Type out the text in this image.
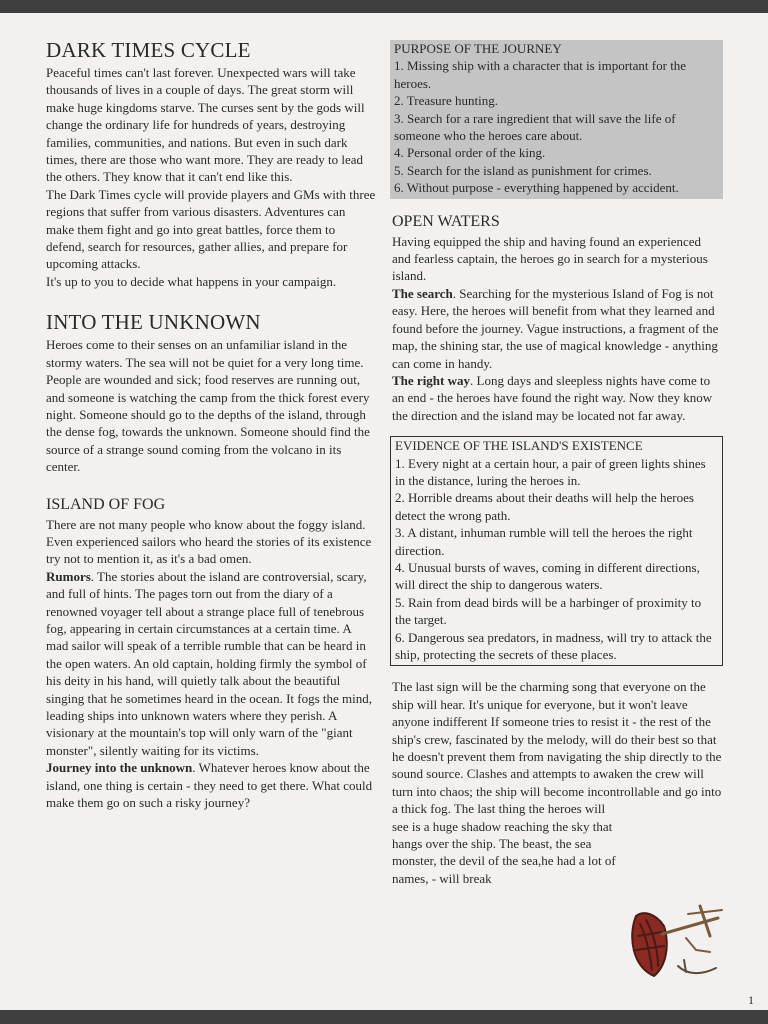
DARK TIMES CYCLE

Peaceful times can't last forever. Unexpected wars will take thousands of lives in a couple of days. The great storm will make huge kingdoms starve. The curses sent by the gods will change the ordinary life for hundreds of years, destroying families, communities, and nations. But even in such dark times, there are those who want more. They are ready to lead the others. They know that it can't end like this.

The Dark Times cycle will provide players and GMs with three regions that suffer from various disasters. Adventures can make them fight and go into great battles, force them to defend, search for resources, gather allies, and prepare for upcoming attacks.

It's up to you to decide what happens in your campaign.

INTO THE UNKNOWN

Heroes come to their senses on an unfamiliar island in the stormy waters. The sea will not be quiet for a very long time. People are wounded and sick; food reserves are running out, and someone is watching the camp from the thick forest every night. Someone should go to the depths of the island, through the dense fog, towards the unknown. Someone should find the source of a strange sound coming from the volcano in its center.

ISLAND OF FOG

There are not many people who know about the foggy island. Even experienced sailors who heard the stories of its existence try not to mention it, as it's a bad omen.

Rumors. The stories about the island are controversial, scary, and full of hints. The pages torn out from the diary of a renowned voyager tell about a strange place full of tenebrous fog, appearing in certain circumstances at a certain time. A mad sailor will speak of a terrible rumble that can be heard in the open waters. An old captain, holding firmly the symbol of his deity in his hand, will quietly talk about the beautiful singing that he sometimes heard in the ocean. It fogs the mind, leading ships into unknown waters where they perish. A visionary at the mountain's top will only warn of the "giant monster", silently waiting for its victims.

Journey into the unknown. Whatever heroes know about the island, one thing is certain - they need to get there. What could make them go on such a risky journey?

PURPOSE OF THE JOURNEY

1. Missing ship with a character that is important for the heroes.

2. Treasure hunting.

3. Search for a rare ingredient that will save the life of someone who the heroes care about.

4. Personal order of the king.

5. Search for the island as punishment for crimes.

6. Without purpose - everything happened by accident.

OPEN WATERS

Having equipped the ship and having found an experienced and fearless captain, the heroes go in search for a mysterious island.

The search. Searching for the mysterious Island of Fog is not easy. Here, the heroes will benefit from what they learned and found before the journey. Vague instructions, a fragment of the map, the shining star, the use of magical knowledge - anything can come in handy.

The right way. Long days and sleepless nights have come to an end - the heroes have found the right way. Now they know the direction and the island may be located not far away.

EVIDENCE OF THE ISLAND'S EXISTENCE

1. Every night at a certain hour, a pair of green lights shines in the distance, luring the heroes in.

2. Horrible dreams about their deaths will help the heroes detect the wrong path.

3. A distant, inhuman rumble will tell the heroes the right direction.

4. Unusual bursts of waves, coming in different directions, will direct the ship to dangerous waters.

5. Rain from dead birds will be a harbinger of proximity to the target.

6. Dangerous sea predators, in madness, will try to attack the ship, protecting the secrets of these places.

The last sign will be the charming song that everyone on the ship will hear. It's unique for everyone, but it won't leave anyone indifferent If someone tries to resist it - the rest of the ship's crew, fascinated by the melody, will do their best so that he doesn't prevent them from navigating the ship directly to the sound source. Clashes and attempts to awaken the crew will turn into chaos; the ship will become incontrollable and go into a thick fog. The last thing the heroes will

see is a huge shadow reaching the sky that hangs over the ship. The beast, the sea monster, the devil of the sea,he had a lot of names, - will break

1
